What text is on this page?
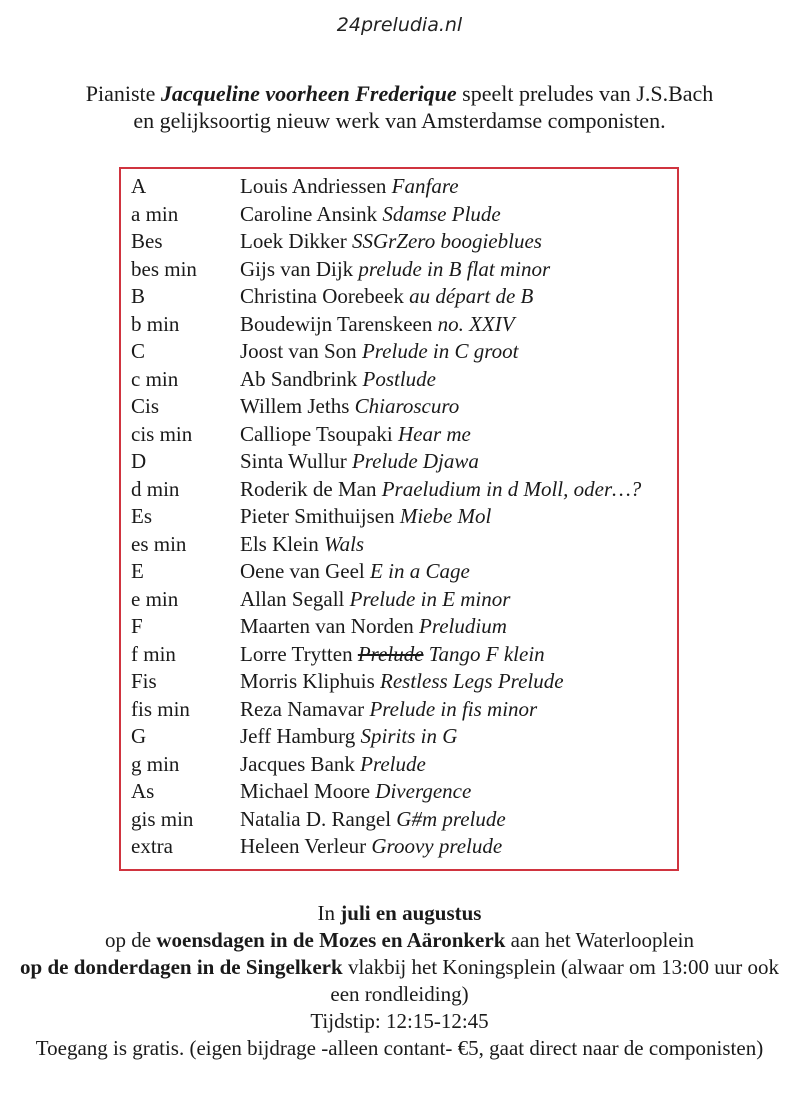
24preludia.nl
Pianiste Jacqueline voorheen Frederique speelt preludes van J.S.Bach
en gelijksoortig nieuw werk van Amsterdamse componisten.
A	Louis Andriessen Fanfare
a min	Caroline Ansink Sdamse Plude
Bes	Loek Dikker SSGrZero boogieblues
bes min	Gijs van Dijk prelude in B flat minor
B	Christina Oorebeek au départ de B
b min	Boudewijn Tarenskeen no. XXIV
C	Joost van Son Prelude in C groot
c min	Ab Sandbrink Postlude
Cis	Willem Jeths Chiaroscuro
cis min	Calliope Tsoupaki Hear me
D	Sinta Wullur Prelude Djawa
d min	Roderik de Man Praeludium in d Moll, oder…?
Es	Pieter Smithuijsen Miebe Mol
es min	Els Klein Wals
E	Oene van Geel E in a Cage
e min	Allan Segall Prelude in E minor
F	Maarten van Norden Preludium
f min	Lorre Trytten Prelude Tango F klein
Fis	Morris Kliphuis Restless Legs Prelude
fis min	Reza Namavar Prelude in fis minor
G	Jeff Hamburg Spirits in G
g min	Jacques Bank Prelude
As	Michael Moore Divergence
gis min	Natalia D. Rangel G#m prelude
extra	Heleen Verleur Groovy prelude

In juli en augustus

op de woensdagen in de Mozes en Aäronkerk aan het Waterlooplein

op de donderdagen in de Singelkerk vlakbij het Koningsplein (alwaar om 13:00 uur ook een rondleiding)

Tijdstip: 12:15-12:45

Toegang is gratis. (eigen bijdrage -alleen contant- €5, gaat direct naar de componisten)
